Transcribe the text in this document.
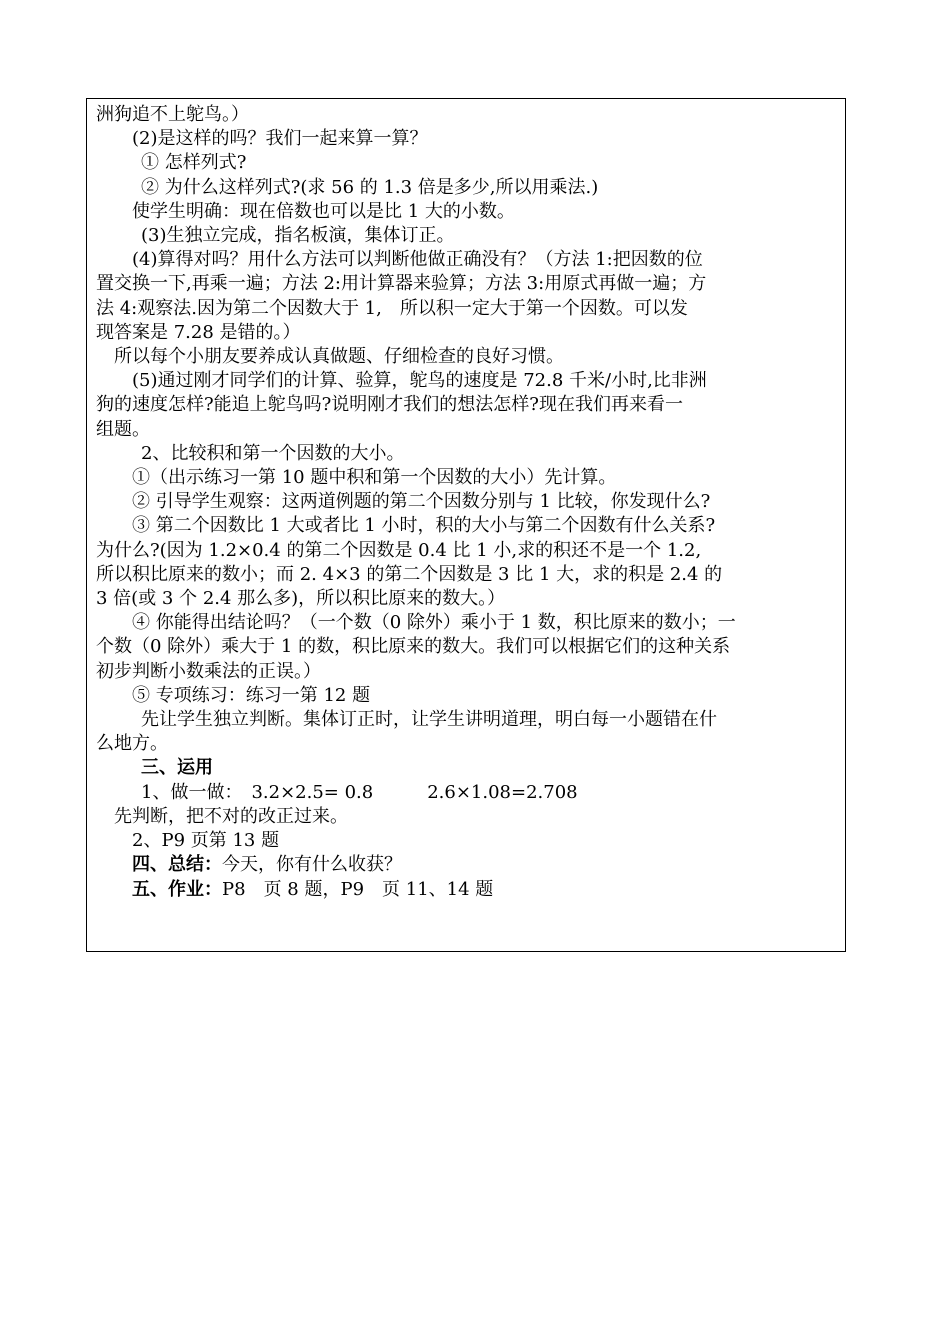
洲狗追不上鸵鸟。）
(2)是这样的吗？我们一起来算一算？
① 怎样列式?
② 为什么这样列式?(求 56 的 1.3 倍是多少,所以用乘法.)
使学生明确：现在倍数也可以是比 1 大的小数。
(3)生独立完成，指名板演，集体订正。
(4)算得对吗？用什么方法可以判断他做正确没有？（方法 1:把因数的位
置交换一下,再乘一遍；方法 2:用计算器来验算；方法 3:用原式再做一遍；方
法 4:观察法.因为第二个因数大于 1,　所以积一定大于第一个因数。可以发
现答案是 7.28 是错的。）
所以每个小朋友要养成认真做题、仔细检查的良好习惯。
(5)通过刚才同学们的计算、验算，鸵鸟的速度是 72.8 千米/小时,比非洲
狗的速度怎样?能追上鸵鸟吗?说明刚才我们的想法怎样?现在我们再来看一
组题。
2、比较积和第一个因数的大小。
①（出示练习一第 10 题中积和第一个因数的大小）先计算。
② 引导学生观察：这两道例题的第二个因数分别与 1 比较，你发现什么?
③ 第二个因数比 1 大或者比 1 小时，积的大小与第二个因数有什么关系?
为什么?(因为 1.2×0.4 的第二个因数是 0.4 比 1 小,求的积还不是一个 1.2,
所以积比原来的数小；而 2. 4×3 的第二个因数是 3 比 1 大，求的积是 2.4 的
3 倍(或 3 个 2.4 那么多)，所以积比原来的数大。）
④ 你能得出结论吗？（一个数（0 除外）乘小于 1 数，积比原来的数小；一
个数（0 除外）乘大于 1 的数，积比原来的数大。我们可以根据它们的这种关系
初步判断小数乘法的正误。）
⑤ 专项练习：练习一第 12 题
先让学生独立判断。集体订正时，让学生讲明道理，明白每一小题错在什
么地方。
三、运用
1、做一做：　3.2×2.5= 0.8　　　2.6×1.08=2.708
先判断，把不对的改正过来。
2、P9 页第 13 题
四、总结：今天，你有什么收获？
五、作业：P8　页 8 题，P9　页 11、14 题
